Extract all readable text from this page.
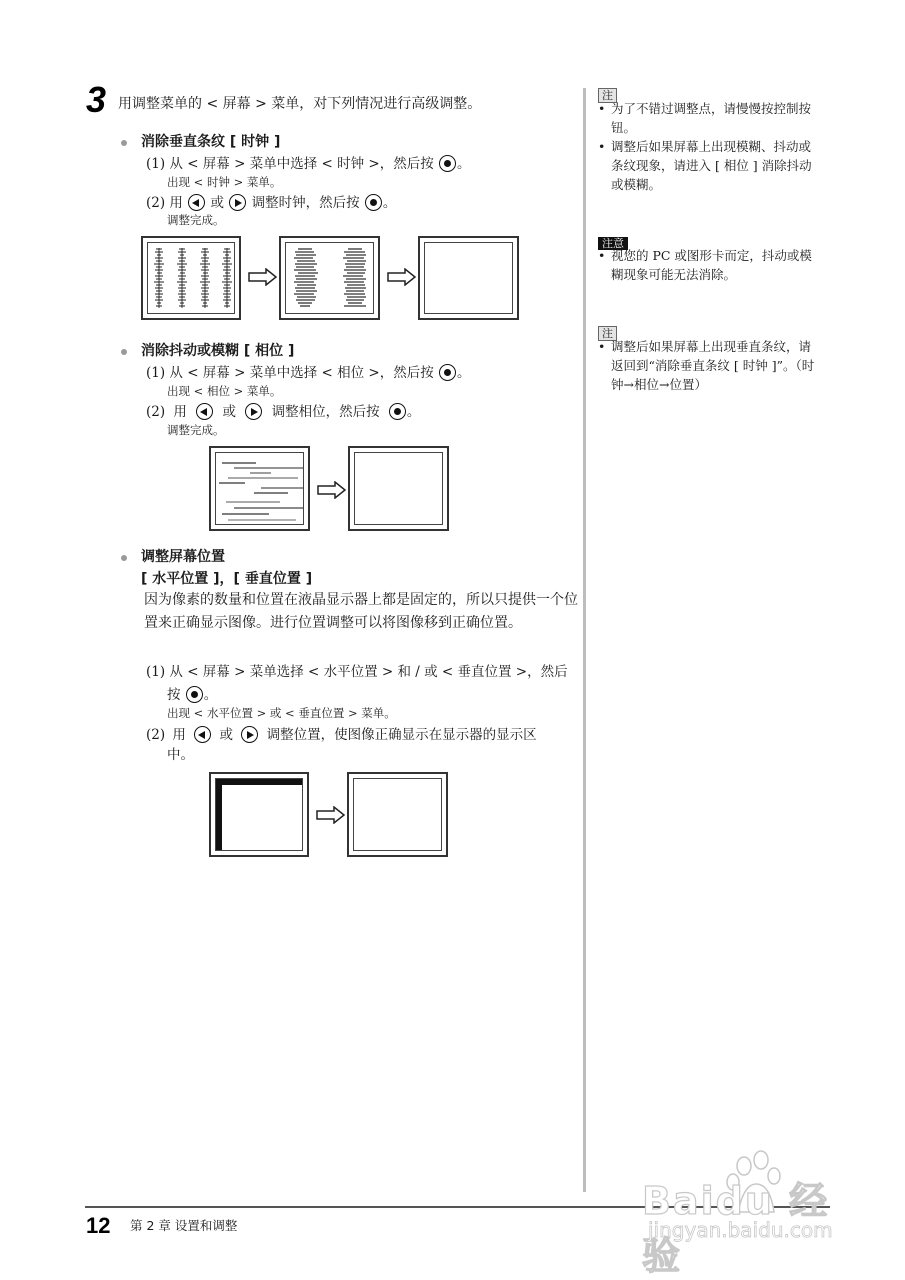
3 用调整菜单的 < 屏幕 > 菜单，对下列情况进行高级调整。
消除垂直条纹 [ 时钟 ]
(1) 从 < 屏幕 > 菜单中选择 < 时钟 >，然后按 。
出现 < 时钟 > 菜单。
(2) 用 或 调整时钟，然后按 。
调整完成。
消除抖动或模糊 [ 相位 ]
(1) 从 < 屏幕 > 菜单中选择 < 相位 >，然后按 。
出现 < 相位 > 菜单。
(2) 用	或	调整相位，然后按 。
调整完成。
调整屏幕位置
[ 水平位置 ]，[ 垂直位置 ]
因为像素的数量和位置在液晶显示器上都是固定的，所以只提供一个位置来正确显示图像。进行位置调整可以将图像移到正确位置。
(1) 从 < 屏幕 > 菜单选择 < 水平位置 > 和 / 或 < 垂直位置 >，然后
按 。
出现 < 水平位置 > 或 < 垂直位置 > 菜单。
(2) 用 或 调整位置，使图像正确显示在显示器的显示区
中。
注
• 为了不错过调整点，请慢慢按控制按钮。
• 调整后如果屏幕上出现模糊、抖动或条纹现象，请进入 [ 相位 ] 消除抖动或模糊。
注意
• 视您的 PC 或图形卡而定，抖动或模糊现象可能无法消除。
注
• 调整后如果屏幕上出现垂直条纹，请返回到“消除垂直条纹 [ 时钟 ]”。（时钟→相位→位置）
12 第 2 章 设置和调整
Baidu 经验
jingyan.baidu.com
